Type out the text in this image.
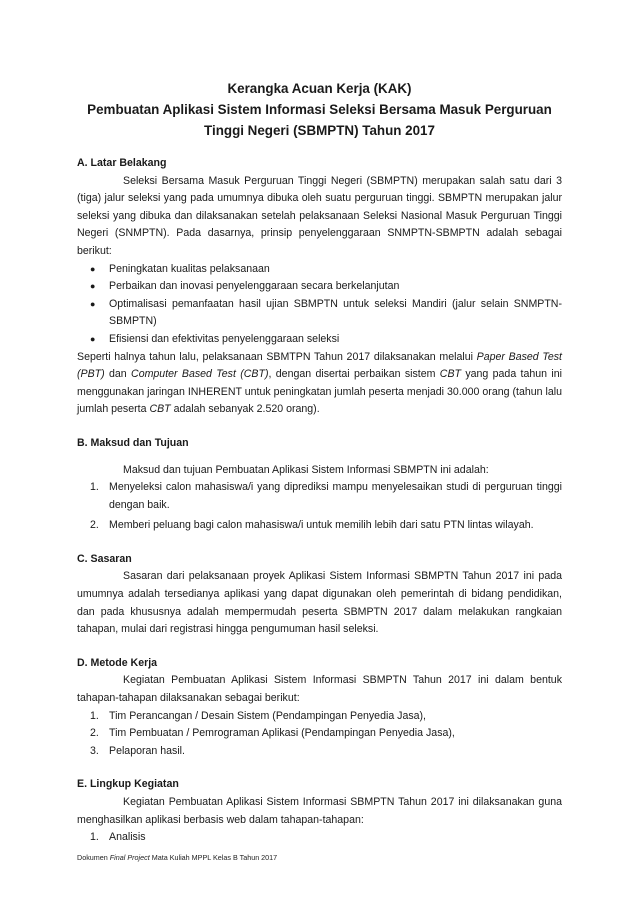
Kerangka Acuan Kerja (KAK)
Pembuatan Aplikasi Sistem Informasi Seleksi Bersama Masuk Perguruan
Tinggi Negeri (SBMPTN) Tahun 2017
A. Latar Belakang

Seleksi Bersama Masuk Perguruan Tinggi Negeri (SBMPTN) merupakan salah satu dari 3 (tiga) jalur seleksi yang pada umumnya dibuka oleh suatu perguruan tinggi. SBMPTN merupakan jalur seleksi yang dibuka dan dilaksanakan setelah pelaksanaan Seleksi Nasional Masuk Perguruan Tinggi Negeri (SNMPTN). Pada dasarnya, prinsip penyelenggaraan SNMPTN-SBMPTN adalah sebagai berikut:

● Peningkatan kualitas pelaksanaan
● Perbaikan dan inovasi penyelenggaraan secara berkelanjutan
● Optimalisasi pemanfaatan hasil ujian SBMPTN untuk seleksi Mandiri (jalur selain SNMPTN-SBMPTN)
● Efisiensi dan efektivitas penyelenggaraan seleksi

Seperti halnya tahun lalu, pelaksanaan SBMTPN Tahun 2017 dilaksanakan melalui Paper Based Test (PBT) dan Computer Based Test (CBT), dengan disertai perbaikan sistem CBT yang pada tahun ini menggunakan jaringan INHERENT untuk peningkatan jumlah peserta menjadi 30.000 orang (tahun lalu jumlah peserta CBT adalah sebanyak 2.520 orang).

B. Maksud dan Tujuan

Maksud dan tujuan Pembuatan Aplikasi Sistem Informasi SBMPTN ini adalah:

1. Menyeleksi calon mahasiswa/i yang diprediksi mampu menyelesaikan studi di perguruan tinggi dengan baik.
2. Memberi peluang bagi calon mahasiswa/i untuk memilih lebih dari satu PTN lintas wilayah.
C. Sasaran

Sasaran dari pelaksanaan proyek Aplikasi Sistem Informasi SBMPTN Tahun 2017 ini pada umumnya adalah tersedianya aplikasi yang dapat digunakan oleh pemerintah di bidang pendidikan, dan pada khususnya adalah mempermudah peserta SBMPTN 2017 dalam melakukan rangkaian tahapan, mulai dari registrasi hingga pengumuman hasil seleksi.

D. Metode Kerja

Kegiatan Pembuatan Aplikasi Sistem Informasi SBMPTN Tahun 2017 ini dalam bentuk tahapan-tahapan dilaksanakan sebagai berikut:

1. Tim Perancangan / Desain Sistem (Pendampingan Penyedia Jasa),
2. Tim Pembuatan / Pemrograman Aplikasi (Pendampingan Penyedia Jasa),
3. Pelaporan hasil.
E. Lingkup Kegiatan

Kegiatan Pembuatan Aplikasi Sistem Informasi SBMPTN Tahun 2017 ini dilaksanakan guna menghasilkan aplikasi berbasis web dalam tahapan-tahapan:

1. Analisis
Dokumen Final Project Mata Kuliah MPPL Kelas B Tahun 2017
